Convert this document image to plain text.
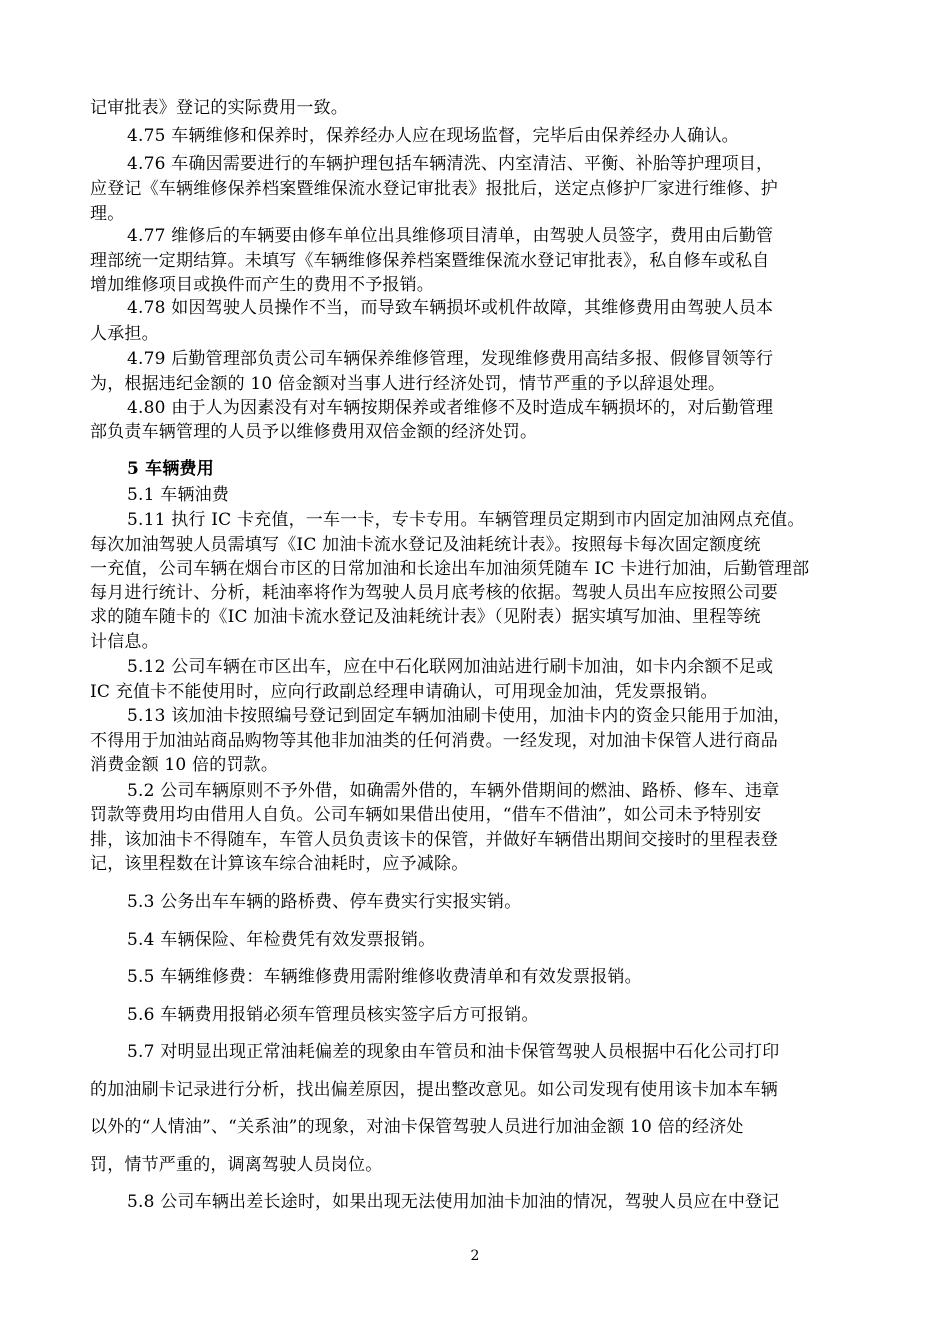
记审批表》登记的实际费用一致。
4.75 车辆维修和保养时，保养经办人应在现场监督，完毕后由保养经办人确认。
4.76 车确因需要进行的车辆护理包括车辆清洗、内室清洁、平衡、补胎等护理项目，
应登记《车辆维修保养档案暨维保流水登记审批表》报批后，送定点修护厂家进行维修、护
理。
4.77 维修后的车辆要由修车单位出具维修项目清单，由驾驶人员签字，费用由后勤管
理部统一定期结算。未填写《车辆维修保养档案暨维保流水登记审批表》，私自修车或私自
增加维修项目或换件而产生的费用不予报销。
4.78 如因驾驶人员操作不当，而导致车辆损坏或机件故障，其维修费用由驾驶人员本
人承担。
4.79 后勤管理部负责公司车辆保养维修管理，发现维修费用高结多报、假修冒领等行
为，根据违纪金额的 10 倍金额对当事人进行经济处罚，情节严重的予以辞退处理。
4.80 由于人为因素没有对车辆按期保养或者维修不及时造成车辆损坏的，对后勤管理
部负责车辆管理的人员予以维修费用双倍金额的经济处罚。
5 车辆费用
5.1 车辆油费
5.11 执行 IC 卡充值，一车一卡，专卡专用。车辆管理员定期到市内固定加油网点充值。
每次加油驾驶人员需填写《IC 加油卡流水登记及油耗统计表》。按照每卡每次固定额度统
一充值，公司车辆在烟台市区的日常加油和长途出车加油须凭随车 IC 卡进行加油，后勤管理部
每月进行统计、分析，耗油率将作为驾驶人员月底考核的依据。驾驶人员出车应按照公司要
求的随车随卡的《IC 加油卡流水登记及油耗统计表》（见附表）据实填写加油、里程等统
计信息。
5.12 公司车辆在市区出车，应在中石化联网加油站进行刷卡加油，如卡内余额不足或
IC 充值卡不能使用时，应向行政副总经理申请确认，可用现金加油，凭发票报销。
5.13 该加油卡按照编号登记到固定车辆加油刷卡使用，加油卡内的资金只能用于加油，
不得用于加油站商品购物等其他非加油类的任何消费。一经发现，对加油卡保管人进行商品
消费金额 10 倍的罚款。
5.2 公司车辆原则不予外借，如确需外借的，车辆外借期间的燃油、路桥、修车、违章
罚款等费用均由借用人自负。公司车辆如果借出使用，“借车不借油”，如公司未予特别安
排，该加油卡不得随车，车管人员负责该卡的保管，并做好车辆借出期间交接时的里程表登
记，该里程数在计算该车综合油耗时，应予减除。
5.3 公务出车车辆的路桥费、停车费实行实报实销。
5.4 车辆保险、年检费凭有效发票报销。
5.5 车辆维修费：车辆维修费用需附维修收费清单和有效发票报销。
5.6 车辆费用报销必须车管理员核实签字后方可报销。
5.7 对明显出现正常油耗偏差的现象由车管员和油卡保管驾驶人员根据中石化公司打印
的加油刷卡记录进行分析，找出偏差原因，提出整改意见。如公司发现有使用该卡加本车辆
以外的“人情油”、“关系油”的现象，对油卡保管驾驶人员进行加油金额 10 倍的经济处
罚，情节严重的，调离驾驶人员岗位。
5.8 公司车辆出差长途时，如果出现无法使用加油卡加油的情况，驾驶人员应在中登记
2
